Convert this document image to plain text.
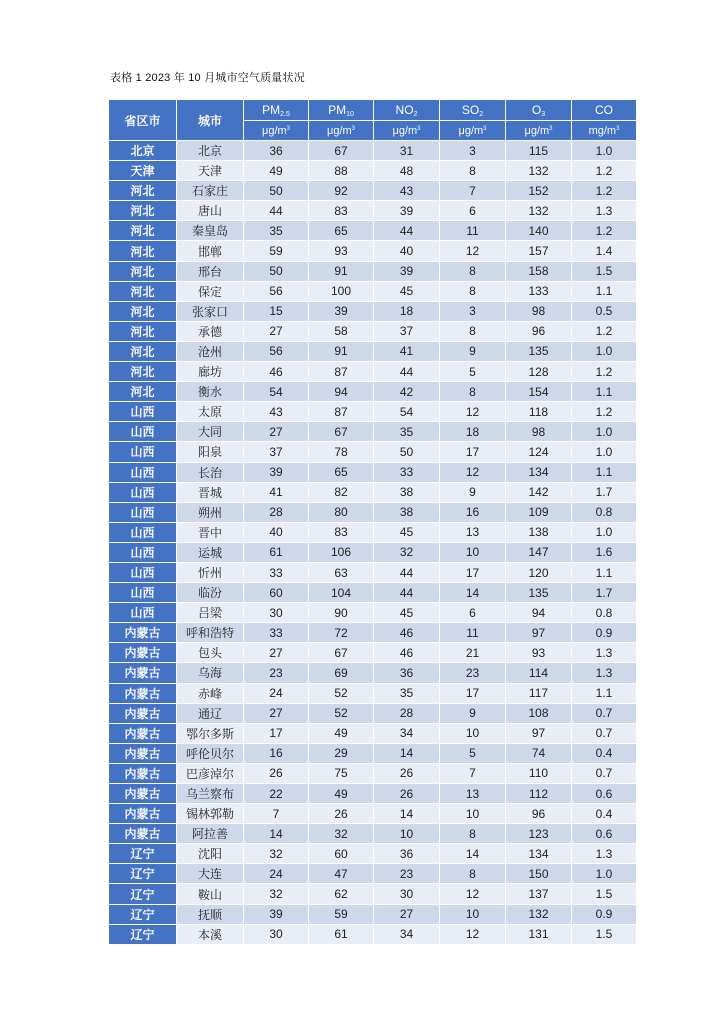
表格 1 2023 年 10 月城市空气质量状况
省区市	城市	$PM_{2.5}$	$PM_{10}$	$NO_2$	$SO_2$	$O_3$	CO
		$\mu g/m^3$	$\mu g/m^3$	$\mu g/m^3$	$\mu g/m^3$	$\mu g/m^3$	$mg/m^3$
北京	北京	36	67	31	3	115	1.0
天津	天津	49	88	48	8	132	1.2
河北	石家庄	50	92	43	7	152	1.2
河北	唐山	44	83	39	6	132	1.3
河北	秦皇岛	35	65	44	11	140	1.2
河北	邯郸	59	93	40	12	157	1.4
河北	邢台	50	91	39	8	158	1.5
河北	保定	56	100	45	8	133	1.1
河北	张家口	15	39	18	3	98	0.5
河北	承德	27	58	37	8	96	1.2
河北	沧州	56	91	41	9	135	1.0
河北	廊坊	46	87	44	5	128	1.2
河北	衡水	54	94	42	8	154	1.1
山西	太原	43	87	54	12	118	1.2
山西	大同	27	67	35	18	98	1.0
山西	阳泉	37	78	50	17	124	1.0
山西	长治	39	65	33	12	134	1.1
山西	晋城	41	82	38	9	142	1.7
山西	朔州	28	80	38	16	109	0.8
山西	晋中	40	83	45	13	138	1.0
山西	运城	61	106	32	10	147	1.6
山西	忻州	33	63	44	17	120	1.1
山西	临汾	60	104	44	14	135	1.7
山西	吕梁	30	90	45	6	94	0.8
内蒙古	呼和浩特	33	72	46	11	97	0.9
内蒙古	包头	27	67	46	21	93	1.3
内蒙古	乌海	23	69	36	23	114	1.3
内蒙古	赤峰	24	52	35	17	117	1.1
内蒙古	通辽	27	52	28	9	108	0.7
内蒙古	鄂尔多斯	17	49	34	10	97	0.7
内蒙古	呼伦贝尔	16	29	14	5	74	0.4
内蒙古	巴彦淖尔	26	75	26	7	110	0.7
内蒙古	乌兰察布	22	49	26	13	112	0.6
内蒙古	锡林郭勒	7	26	14	10	96	0.4
内蒙古	阿拉善	14	32	10	8	123	0.6
辽宁	沈阳	32	60	36	14	134	1.3
辽宁	大连	24	47	23	8	150	1.0
辽宁	鞍山	32	62	30	12	137	1.5
辽宁	抚顺	39	59	27	10	132	0.9
辽宁	本溪	30	61	34	12	131	1.5
